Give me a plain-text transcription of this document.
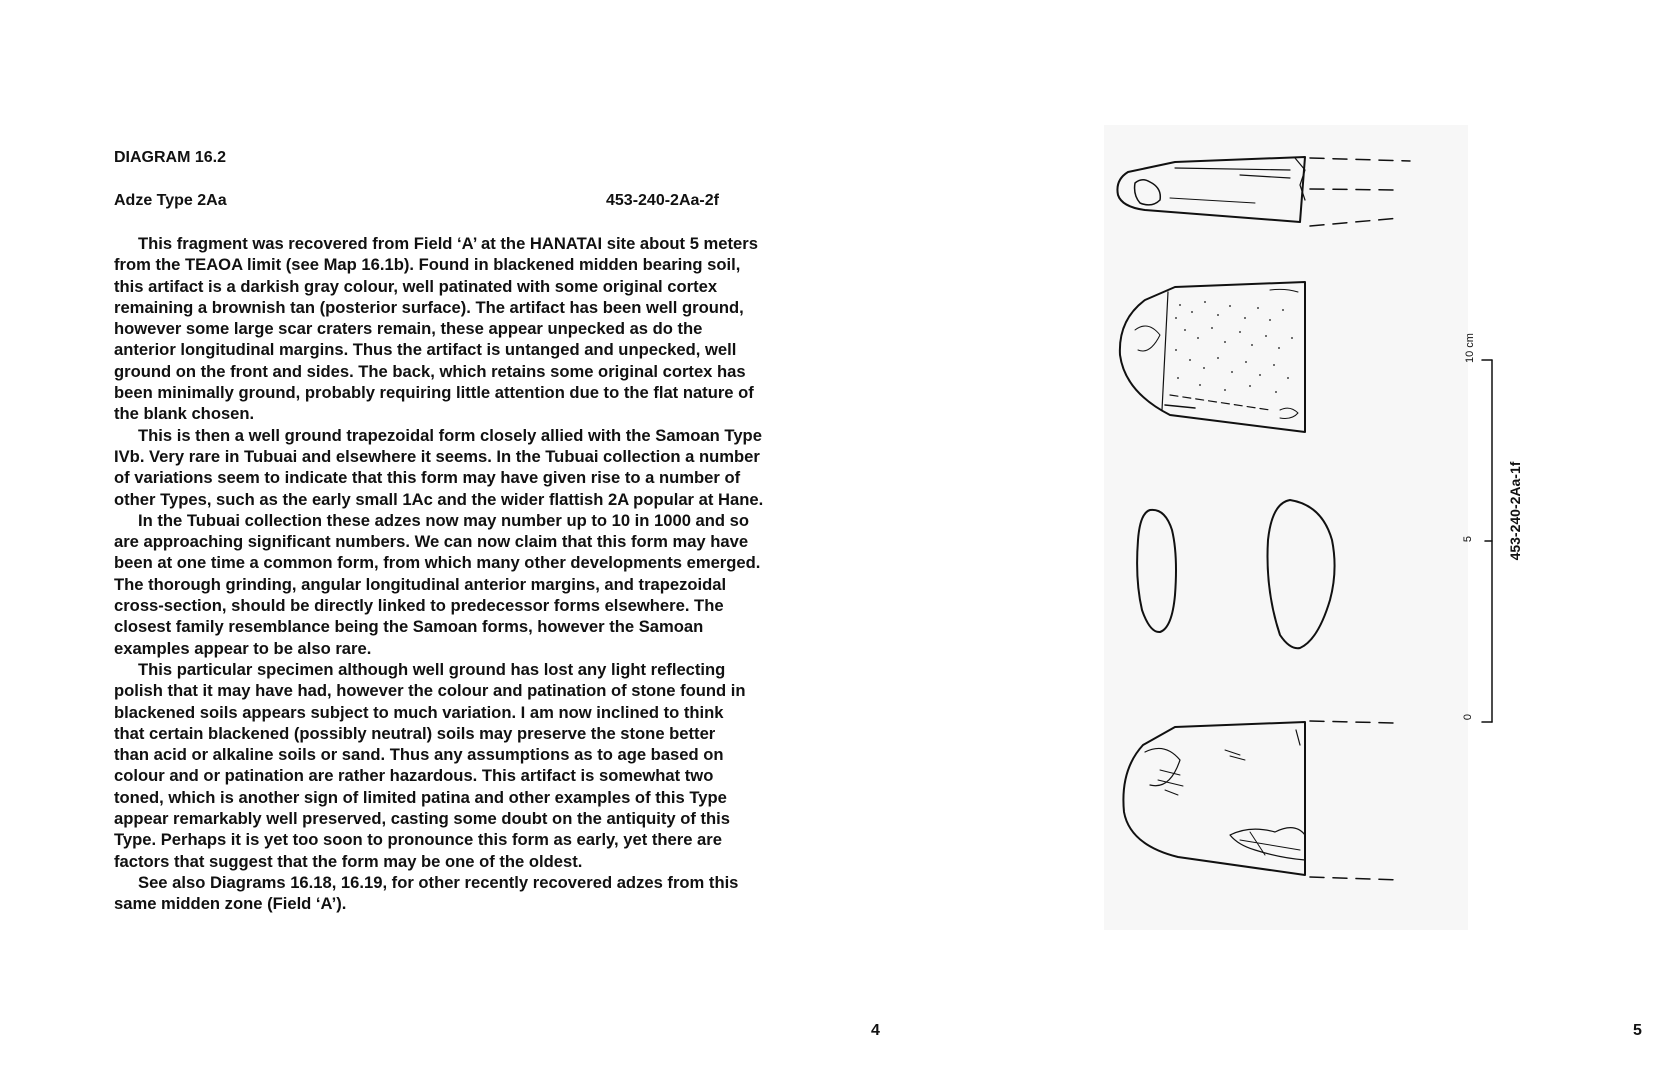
DIAGRAM 16.2
Adze Type 2Aa	453-240-2Aa-2f
This fragment was recovered from Field ‘A’ at the HANATAI site about 5 meters
from the TEAOA limit (see Map 16.1b). Found in blackened midden bearing soil,
this artifact is a darkish gray colour, well patinated with some original cortex
remaining a brownish tan (posterior surface). The artifact has been well ground,
however some large scar craters remain, these appear unpecked as do the
anterior longitudinal margins. Thus the artifact is untanged and unpecked, well
ground on the front and sides. The back, which retains some original cortex has
been minimally ground, probably requiring little attention due to the flat nature of
the blank chosen.
This is then a well ground trapezoidal form closely allied with the Samoan Type
IVb. Very rare in Tubuai and elsewhere it seems. In the Tubuai collection a number
of variations seem to indicate that this form may have given rise to a number of
other Types, such as the early small 1Ac and the wider flattish 2A popular at Hane.
In the Tubuai collection these adzes now may number up to 10 in 1000 and so
are approaching significant numbers. We can now claim that this form may have
been at one time a common form, from which many other developments emerged.
The thorough grinding, angular longitudinal anterior margins, and trapezoidal
cross-section, should be directly linked to predecessor forms elsewhere. The
closest family resemblance being the Samoan forms, however the Samoan
examples appear to be also rare.
This particular specimen although well ground has lost any light reflecting
polish that it may have had, however the colour and patination of stone found in
blackened soils appears subject to much variation. I am now inclined to think
that certain blackened (possibly neutral) soils may preserve the stone better
than acid or alkaline soils or sand. Thus any assumptions as to age based on
colour and or patination are rather hazardous. This artifact is somewhat two
toned, which is another sign of limited patina and other examples of this Type
appear remarkably well preserved, casting some doubt on the antiquity of this
Type. Perhaps it is yet too soon to pronounce this form as early, yet there are
factors that suggest that the form may be one of the oldest.
See also Diagrams 16.18, 16.19, for other recently recovered adzes from this
same midden zone (Field ‘A’).
10 cm
5
0
453-240-2Aa-1f
4	5
